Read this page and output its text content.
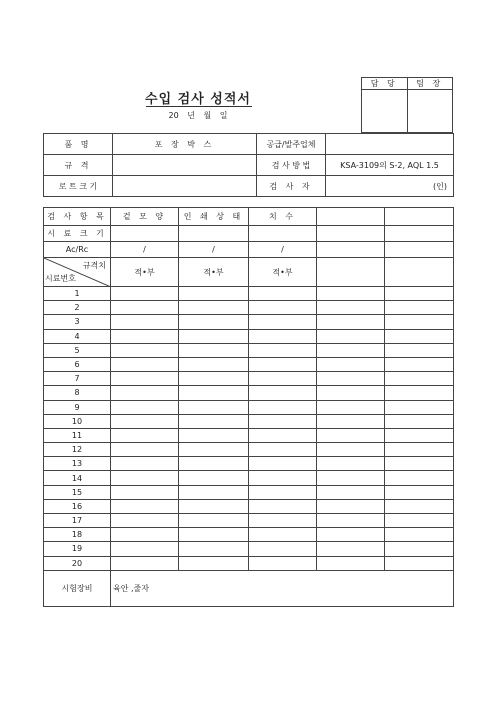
담 당	팀 장

수입 검사 성적서
20 년 월 일
품 명	포 장 박 스	공급/발주업체	
규 격		검 사 방 법	KSA-3109의 S-2, AQL 1.5
로 트 크 기		검 사 자	(인)
검 사 항 목	겉 모 양	인 쇄 상 태	치 수		
시 료 크 기					
Ac/Rc	/	/	/		

규격치
시료번호	적•부	적•부	적•부		
1					
2					
3					
4					
5					
6					
7					
8					
9					
10					
11					
12					
13					
14					
15					
16					
17					
18					
19					
20					
시험장비	육안 ,줄자				
